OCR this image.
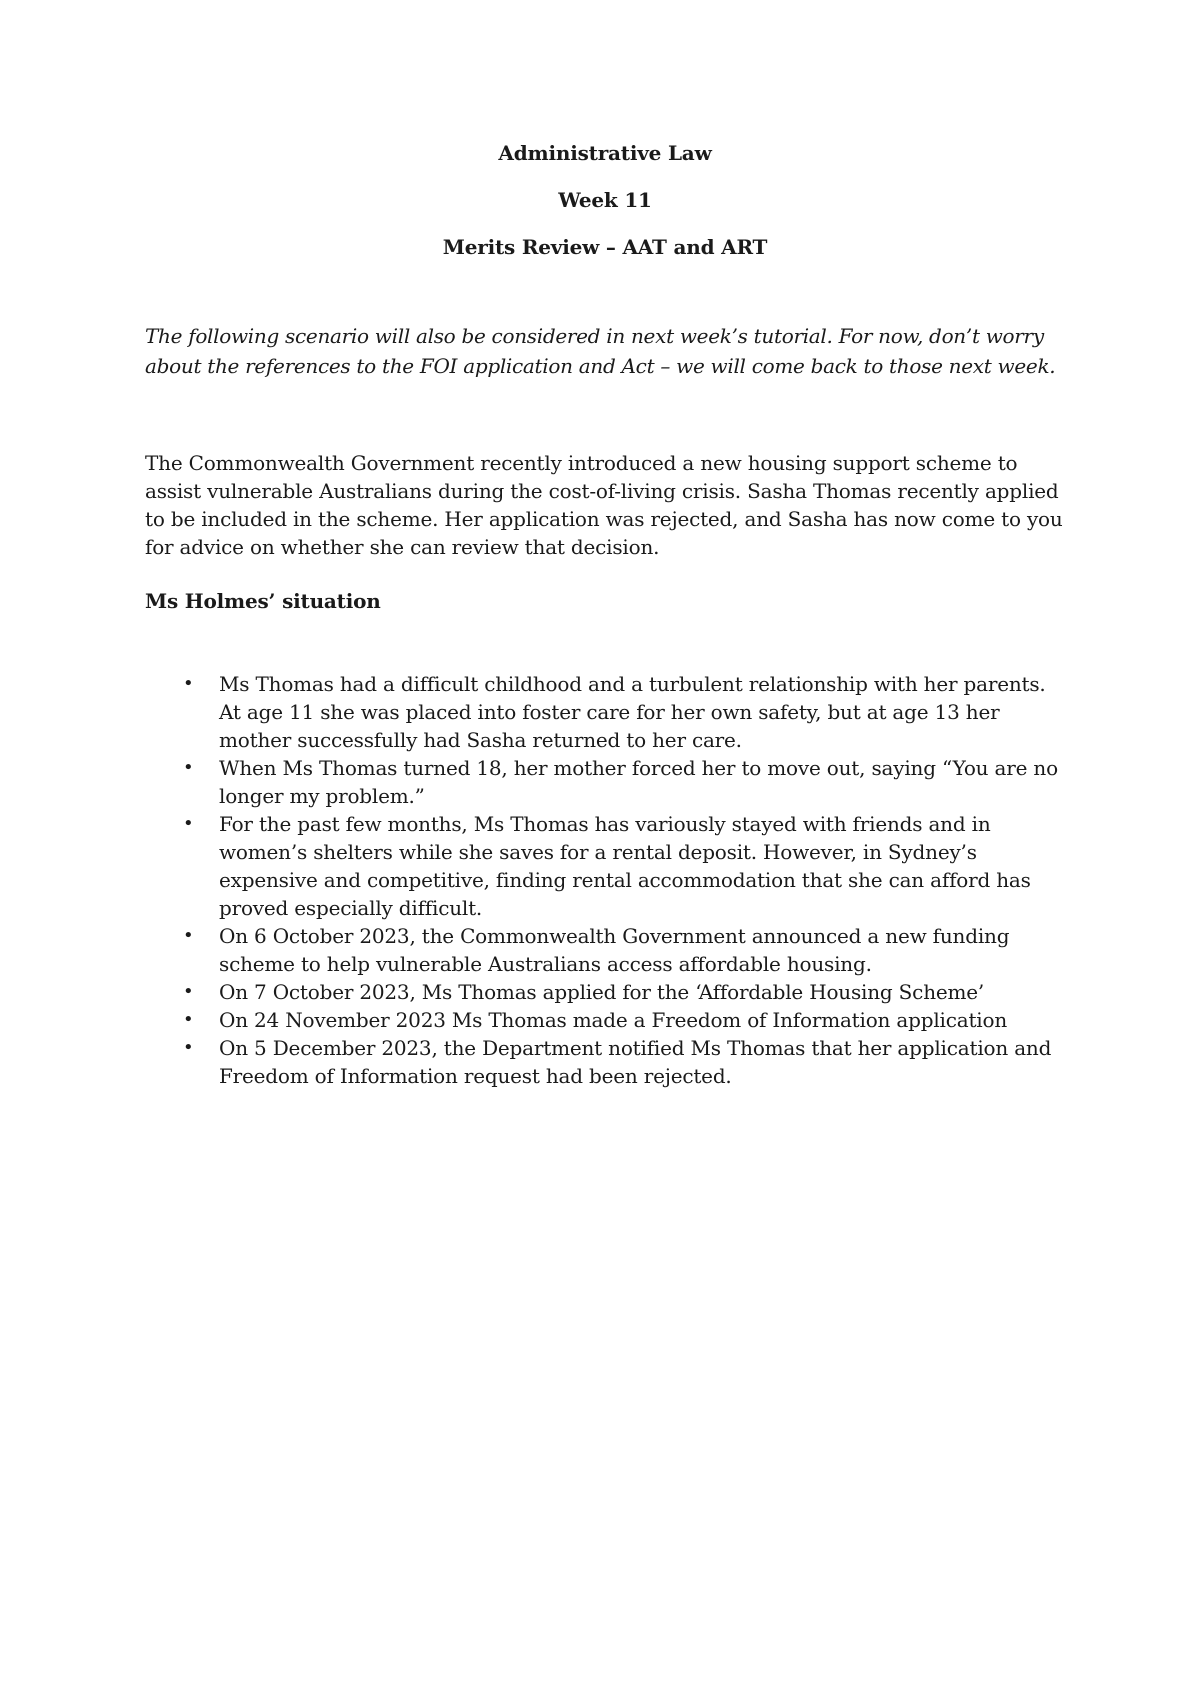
Administrative Law

Week 11

Merits Review – AAT and ART

The following scenario will also be considered in next week’s tutorial. For now, don’t worry about the references to the FOI application and Act – we will come back to those next week.

The Commonwealth Government recently introduced a new housing support scheme to assist vulnerable Australians during the cost-of-living crisis. Sasha Thomas recently applied to be included in the scheme. Her application was rejected, and Sasha has now come to you for advice on whether she can review that decision.

Ms Holmes’ situation

• Ms Thomas had a difficult childhood and a turbulent relationship with her parents. At age 11 she was placed into foster care for her own safety, but at age 13 her mother successfully had Sasha returned to her care.
• When Ms Thomas turned 18, her mother forced her to move out, saying “You are no longer my problem.”
• For the past few months, Ms Thomas has variously stayed with friends and in women’s shelters while she saves for a rental deposit. However, in Sydney’s expensive and competitive, finding rental accommodation that she can afford has proved especially difficult.
• On 6 October 2023, the Commonwealth Government announced a new funding scheme to help vulnerable Australians access affordable housing.
• On 7 October 2023, Ms Thomas applied for the ‘Affordable Housing Scheme’
• On 24 November 2023 Ms Thomas made a Freedom of Information application
• On 5 December 2023, the Department notified Ms Thomas that her application and Freedom of Information request had been rejected.
